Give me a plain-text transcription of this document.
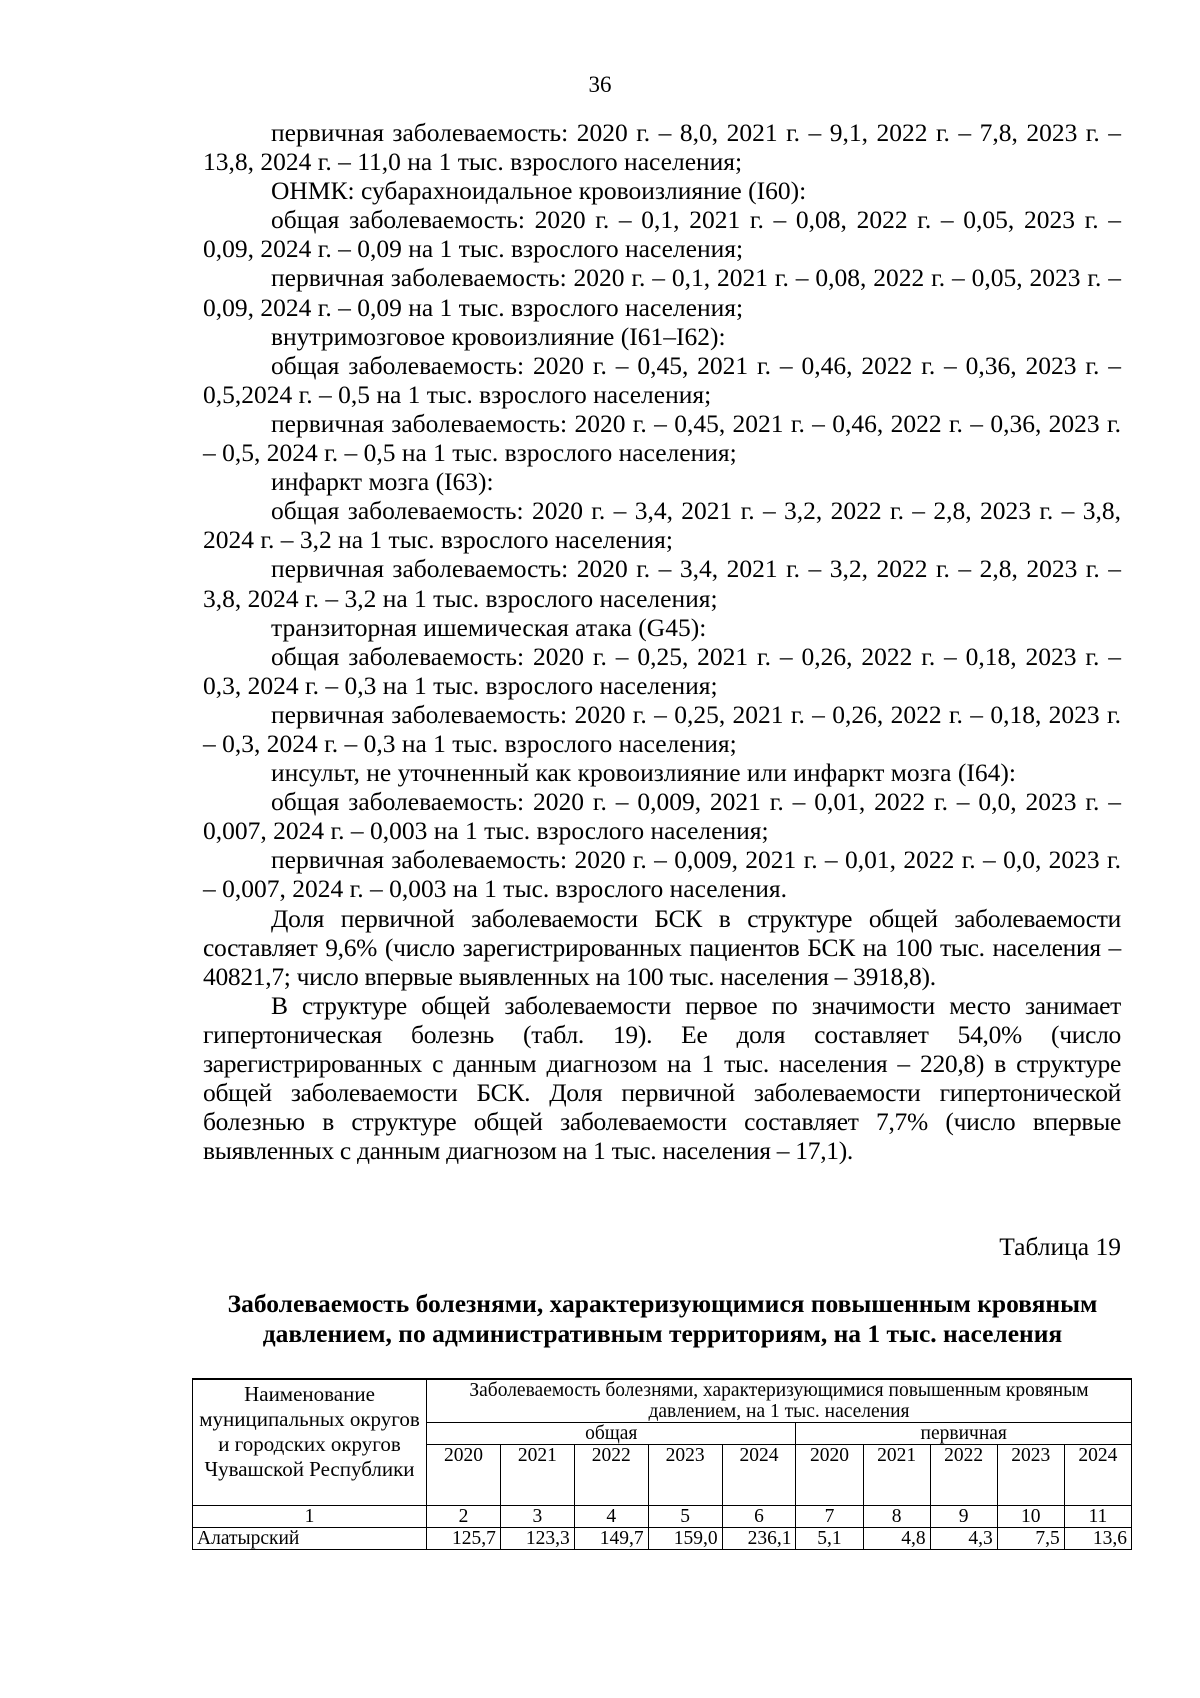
36

первичная заболеваемость: 2020 г. – 8,0, 2021 г. – 9,1, 2022 г. – 7,8, 2023 г. – 13,8, 2024 г. – 11,0 на 1 тыс. взрослого населения;

ОНМК: субарахноидальное кровоизлияние (I60):

общая заболеваемость: 2020 г. – 0,1, 2021 г. – 0,08, 2022 г. – 0,05, 2023 г. – 0,09, 2024 г. – 0,09 на 1 тыс. взрослого населения;

первичная заболеваемость: 2020 г. – 0,1, 2021 г. – 0,08, 2022 г. – 0,05, 2023 г. – 0,09, 2024 г. – 0,09 на 1 тыс. взрослого населения;

внутримозговое кровоизлияние (I61–I62):

общая заболеваемость: 2020 г. – 0,45, 2021 г. – 0,46, 2022 г. – 0,36, 2023 г. – 0,5,2024 г. – 0,5 на 1 тыс. взрослого населения;

первичная заболеваемость: 2020 г. – 0,45, 2021 г. – 0,46, 2022 г. – 0,36, 2023 г. – 0,5, 2024 г. – 0,5 на 1 тыс. взрослого населения;

инфаркт мозга (I63):

общая заболеваемость: 2020 г. – 3,4, 2021 г. – 3,2, 2022 г. – 2,8, 2023 г. – 3,8, 2024 г. – 3,2 на 1 тыс. взрослого населения;

первичная заболеваемость: 2020 г. – 3,4, 2021 г. – 3,2, 2022 г. – 2,8, 2023 г. – 3,8, 2024 г. – 3,2 на 1 тыс. взрослого населения;

транзиторная ишемическая атака (G45):

общая заболеваемость: 2020 г. – 0,25, 2021 г. – 0,26, 2022 г. – 0,18, 2023 г. – 0,3, 2024 г. – 0,3 на 1 тыс. взрослого населения;

первичная заболеваемость: 2020 г. – 0,25, 2021 г. – 0,26, 2022 г. – 0,18, 2023 г. – 0,3, 2024 г. – 0,3 на 1 тыс. взрослого населения;

инсульт, не уточненный как кровоизлияние или инфаркт мозга (I64):

общая заболеваемость: 2020 г. – 0,009, 2021 г. – 0,01, 2022 г. – 0,0, 2023 г. – 0,007, 2024 г. – 0,003 на 1 тыс. взрослого населения;

первичная заболеваемость: 2020 г. – 0,009, 2021 г. – 0,01, 2022 г. – 0,0, 2023 г. – 0,007, 2024 г. – 0,003 на 1 тыс. взрослого населения.

Доля первичной заболеваемости БСК в структуре общей заболеваемости составляет 9,6% (число зарегистрированных пациентов БСК на 100 тыс. населения – 40821,7; число впервые выявленных на 100 тыс. населения – 3918,8).

В структуре общей заболеваемости первое по значимости место занимает гипертоническая болезнь (табл. 19). Ее доля составляет 54,0% (число зарегистрированных с данным диагнозом на 1 тыс. населения – 220,8) в структуре общей заболеваемости БСК. Доля первичной заболеваемости гипертонической болезнью в структуре общей заболеваемости составляет 7,7% (число впервые выявленных с данным диагнозом на 1 тыс. населения – 17,1).

Таблица 19
Заболеваемость болезнями, характеризующимися повышенным кровяным давлением, по административным территориям, на 1 тыс. населения
Наименование муниципальных округов и городских округов Чувашской Республики	Заболеваемость болезнями, характеризующимися повышенным кровяным давлением, на 1 тыс. населения									
	общая					первичная				
	2020	2021	2022	2023	2024	2020	2021	2022	2023	2024
1	2	3	4	5	6	7	8	9	10	11
Алатырский	125,7	123,3	149,7	159,0	236,1	5,1	4,8	4,3	7,5	13,6
